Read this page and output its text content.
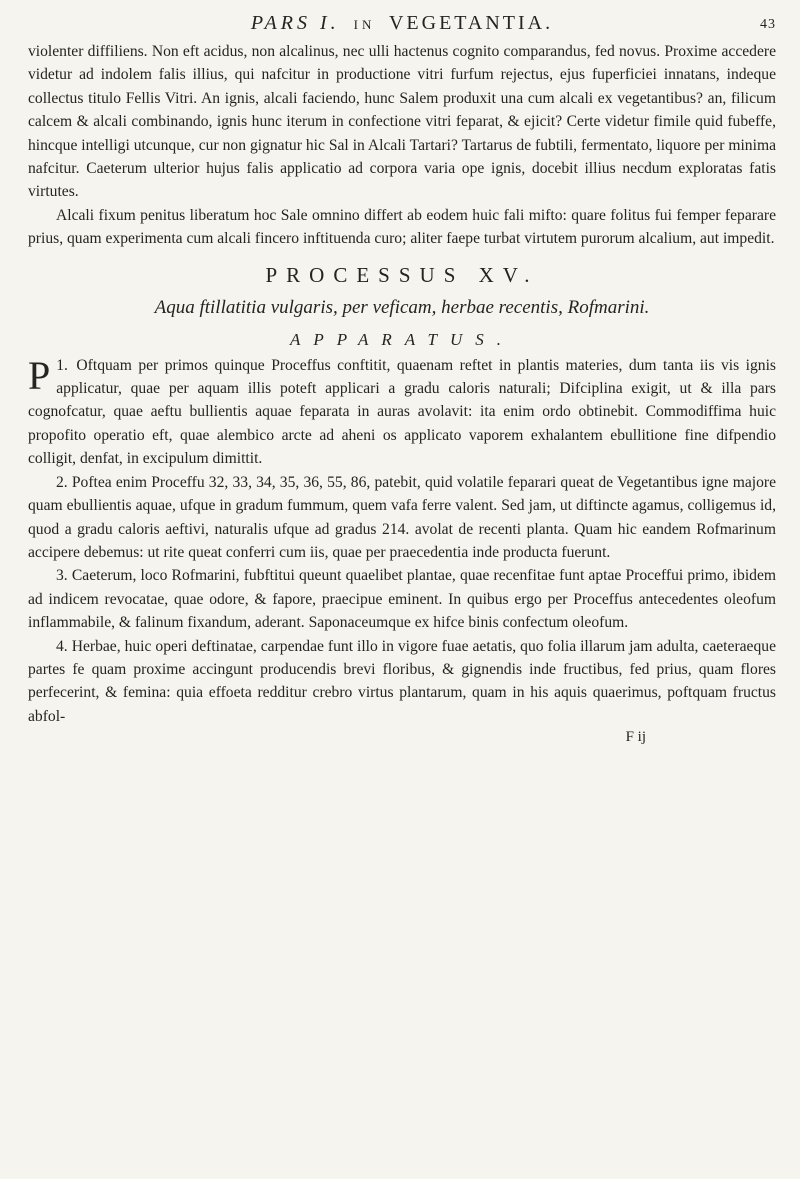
PARS I. IN VEGETANTIA.	43

violenter diffiliens. Non eft acidus, non alcalinus, nec ulli hactenus cognito comparandus, fed novus. Proxime accedere videtur ad indolem falis illius, qui nafcitur in productione vitri furfum rejectus, ejus fuperficiei innatans, indeque collectus titulo Fellis Vitri. An ignis, alcali faciendo, hunc Salem produxit una cum alcali ex vegetantibus? an, filicum calcem & alcali combinando, ignis hunc iterum in confectione vitri feparat, & ejicit? Certe videtur fimile quid fubeffe, hincque intelligi utcunque, cur non gignatur hic Sal in Alcali Tartari? Tartarus de fubtili, fermentato, liquore per minima nafcitur. Caeterum ulterior hujus falis applicatio ad corpora varia ope ignis, docebit illius necdum exploratas fatis virtutes.

Alcali fixum penitus liberatum hoc Sale omnino differt ab eodem huic fali mifto: quare folitus fui femper feparare prius, quam experimenta cum alcali fincero inftituenda curo; aliter faepe turbat virtutem purorum alcalium, aut impedit.

PROCESSUS XV.
Aqua ftillatitia vulgaris, per veficam, herbae recentis, Rofmarini.
APPARATUS.

1.
P Oftquam per primos quinque Proceffus conftitit, quaenam reftet in plantis materies, dum tanta iis vis ignis applicatur, quae per aquam illis poteft applicari a gradu caloris naturali; Difciplina exigit, ut & illa pars cognofcatur, quae aeftu bullientis aquae feparata in auras avolavit: ita enim ordo obtinebit. Commodiffima huic propofito operatio eft, quae alembico arcte ad aheni os applicato vaporem exhalantem ebullitione fine difpendio colligit, denfat, in excipulum dimittit.

2. Poftea enim Proceffu 32, 33, 34, 35, 36, 55, 86, patebit, quid volatile feparari queat de Vegetantibus igne majore quam ebullientis aquae, ufque in gradum fummum, quem vafa ferre valent. Sed jam, ut diftincte agamus, colligemus id, quod a gradu caloris aeftivi, naturalis ufque ad gradus 214. avolat de recenti planta. Quam hic eandem Rofmarinum accipere debemus: ut rite queat conferri cum iis, quae per praecedentia inde producta fuerunt.

3. Caeterum, loco Rofmarini, fubftitui queunt quaelibet plantae, quae recenfitae funt aptae Proceffui primo, ibidem ad indicem revocatae, quae odore, & fapore, praecipue eminent. In quibus ergo per Proceffus antecedentes oleofum inflammabile, & falinum fixandum, aderant. Saponaceumque ex hifce binis confectum oleofum.

4. Herbae, huic operi deftinatae, carpendae funt illo in vigore fuae aetatis, quo folia illarum jam adulta, caeteraeque partes fe quam proxime accingunt producendis brevi floribus, & gignendis inde fructibus, fed prius, quam flores perfecerint, & femina: quia effoeta redditur crebro virtus plantarum, quam in his aquis quaerimus, poftquam fructus abfol-

F ij
